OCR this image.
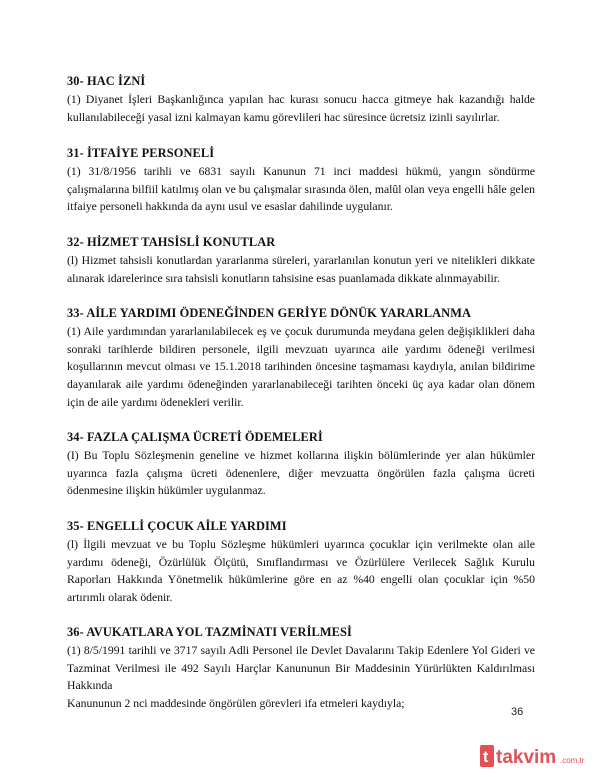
30- HAC İZNİ

(1) Diyanet İşleri Başkanlığınca yapılan hac kurası sonucu hacca gitmeye hak kazandığı halde kullanılabileceği yasal izni kalmayan kamu görevlileri hac süresince ücretsiz izinli sayılırlar.

31- İTFAİYE PERSONELİ

(1) 31/8/1956 tarihli ve 6831 sayılı Kanunun 71 inci maddesi hükmü, yangın söndürme çalışmalarına bilfiil katılmış olan ve bu çalışmalar sırasında ölen, malûl olan veya engelli hâle gelen itfaiye personeli hakkında da aynı usul ve esaslar dahilinde uygulanır.

32- HİZMET TAHSİSLİ KONUTLAR

(l) Hizmet tahsisli konutlardan yararlanma süreleri, yararlanılan konutun yeri ve nitelikleri dikkate alınarak idarelerince sıra tahsisli konutların tahsisine esas puanlamada dikkate alınmayabilir.

33- AİLE YARDIMI ÖDENEĞİNDEN GERİYE DÖNÜK YARARLANMA

(1) Aile yardımından yararlanılabilecek eş ve çocuk durumunda meydana gelen değişiklikleri daha sonraki tarihlerde bildiren personele, ilgili mevzuatı uyarınca aile yardımı ödeneği verilmesi koşullarının mevcut olması ve 15.1.2018 tarihinden öncesine taşmaması kaydıyla, anılan bildirime dayanılarak aile yardımı ödeneğinden yararlanabileceği tarihten önceki üç aya kadar olan dönem için de aile yardımı ödenekleri verilir.

34- FAZLA ÇALIŞMA ÜCRETİ ÖDEMELERİ

(I) Bu Toplu Sözleşmenin geneline ve hizmet kollarına ilişkin bölümlerinde yer alan hükümler uyarınca fazla çalışma ücreti ödenenlere, diğer mevzuatta öngörülen fazla çalışma ücreti ödenmesine ilişkin hükümler uygulanmaz.

35- ENGELLİ ÇOCUK AİLE YARDIMI

(l) İlgili mevzuat ve bu Toplu Sözleşme hükümleri uyarınca çocuklar için verilmekte olan aile yardımı ödeneği, Özürlülük Ölçütü, Sınıflandırması ve Özürlülere Verilecek Sağlık Kurulu Raporları Hakkında Yönetmelik hükümlerine göre en az %40 engelli olan çocuklar için %50 artırımlı olarak ödenir.

36- AVUKATLARA YOL TAZMİNATI VERİLMESİ

(1) 8/5/1991 tarihli ve 3717 sayılı Adli Personel ile Devlet Davalarını Takip Edenlere Yol Gideri ve Tazminat Verilmesi ile 492 Sayılı Harçlar Kanununun Bir Maddesinin Yürürlükten Kaldırılması Hakkında

Kanununun 2 nci maddesinde öngörülen görevleri ifa etmeleri kaydıyla;

36
t takvim .com.tr
